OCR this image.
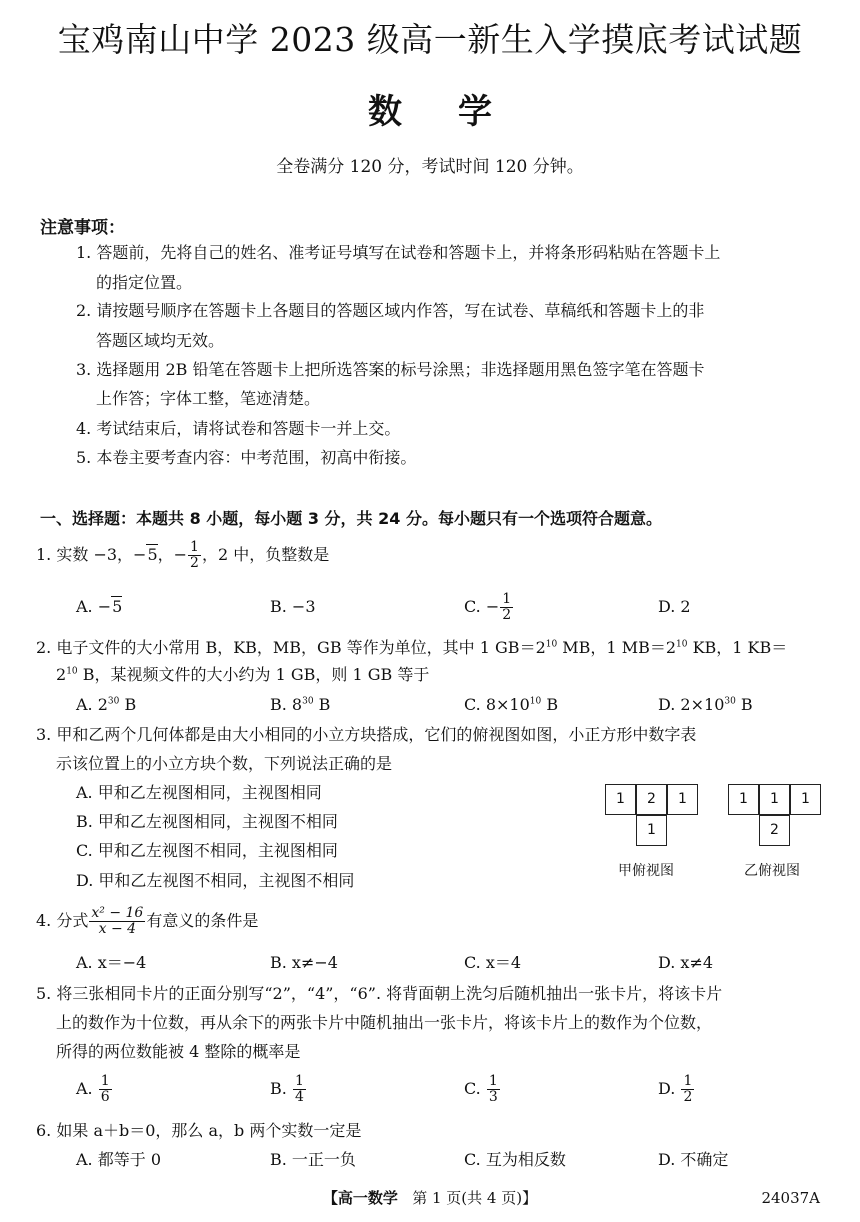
宝鸡南山中学 2023 级高一新生入学摸底考试试题
数学
全卷满分 120 分，考试时间 120 分钟。
注意事项：
1. 答题前，先将自己的姓名、准考证号填写在试卷和答题卡上，并将条形码粘贴在答题卡上
的指定位置。
2. 请按题号顺序在答题卡上各题目的答题区域内作答，写在试卷、草稿纸和答题卡上的非
答题区域均无效。
3. 选择题用 2B 铅笔在答题卡上把所选答案的标号涂黑；非选择题用黑色签字笔在答题卡
上作答；字体工整，笔迹清楚。
4. 考试结束后，请将试卷和答题卡一并上交。
5. 本卷主要考查内容：中考范围，初高中衔接。
一、选择题：本题共 8 小题，每小题 3 分，共 24 分。每小题只有一个选项符合题意。
1. 实数 −3，−5，− $\frac{1}{2}$ ，2 中，负整数是
A. −5	B. −3	C. − $\frac{1}{2}$	D. 2
2. 电子文件的大小常用 B，KB，MB，GB 等作为单位，其中 1 $GB=2^{10}$ MB，1 $MB=2^{10}$ KB，1 KB＝
$2^{10}$ B，某视频文件的大小约为 1 GB，则 1 GB 等于
A. $2^{30}$ B	B. $8^{30}$ B	C. $8\times 10^{10}$ B	D. $2\times 10^{30}$ B
3. 甲和乙两个几何体都是由大小相同的小立方块搭成，它们的俯视图如图，小正方形中数字表
示该位置上的小立方块个数，下列说法正确的是
A. 甲和乙左视图相同，主视图相同
B. 甲和乙左视图相同，主视图不相同
C. 甲和乙左视图不相同，主视图相同
D. 甲和乙左视图不相同，主视图不相同
1	2	1
1
甲俯视图
1	1	1
2
乙俯视图
4. 分式 $\frac{\text{x² − 16}}{x - 4}$ 有意义的条件是
A. x＝−4	B. x≠−4	C. x＝4	D. x≠4
5. 将三张相同卡片的正面分别写“2”，“4”，“6”. 将背面朝上洗匀后随机抽出一张卡片，将该卡片
上的数作为十位数，再从余下的两张卡片中随机抽出一张卡片，将该卡片上的数作为个位数，
所得的两位数能被 4 整除的概率是
A. $\frac{1}{6}$	B. $\frac{1}{4}$	C. $\frac{1}{3}$	D. $\frac{1}{2}$
6. 如果 a＋b＝0，那么 a，b 两个实数一定是
A. 都等于 0	B. 一正一负	C. 互为相反数	D. 不确定
【高一数学 第 1 页(共 4 页)】	24037A
